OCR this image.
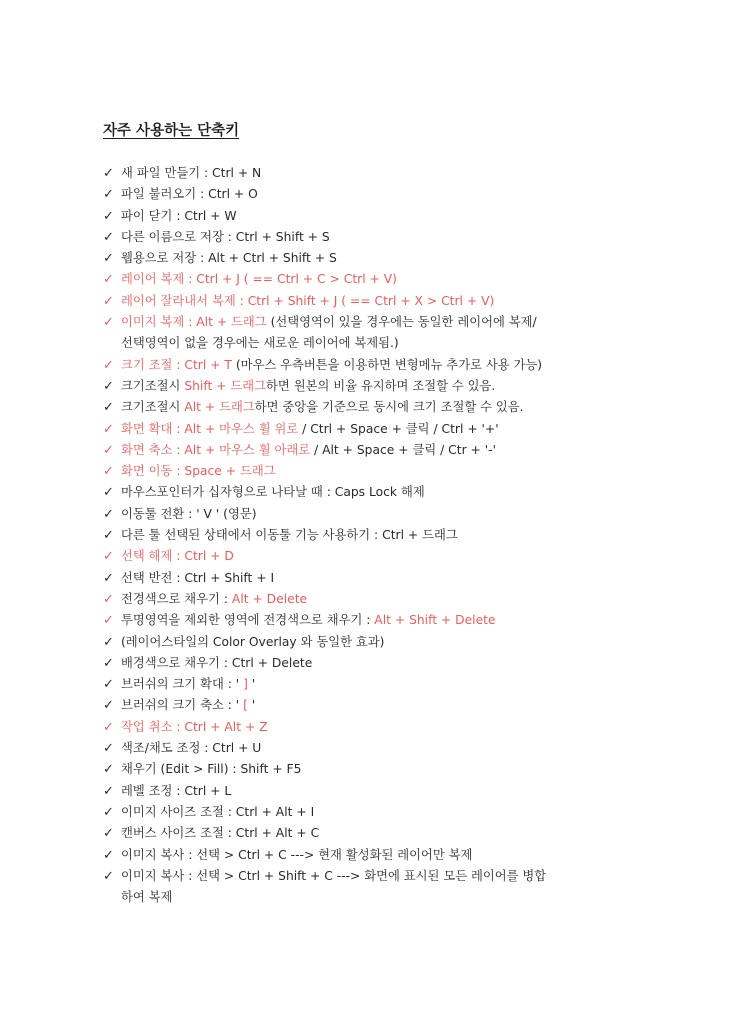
자주 사용하는 단축키
✓ 새 파일 만들기 : Ctrl + N
✓ 파일 불러오기 : Ctrl + O
✓ 파이 닫기 : Ctrl + W
✓ 다른 이름으로 저장 : Ctrl + Shift + S
✓ 웹용으로 저장 : Alt + Ctrl + Shift + S
✓ 레이어 복제 : Ctrl + J ( == Ctrl + C > Ctrl + V)
✓ 레이어 잘라내서 복제 : Ctrl + Shift + J ( == Ctrl + X > Ctrl + V)
✓ 이미지 복제 : Alt + 드래그 (선택영역이 있을 경우에는 동일한 레이어에 복제/
선택영역이 없을 경우에는 새로운 레이어에 복제됨.)
✓ 크기 조절 : Ctrl + T (마우스 우측버튼을 이용하면 변형메뉴 추가로 사용 가능)
✓ 크기조절시 Shift + 드래그하면 원본의 비율 유지하며 조절할 수 있음.
✓ 크기조절시 Alt + 드래그하면 중앙을 기준으로 동시에 크기 조절할 수 있음.
✓ 화면 확대 : Alt + 마우스 휠 위로 / Ctrl + Space + 클릭 / Ctrl + '+'
✓ 화면 축소 : Alt + 마우스 휠 아래로 / Alt + Space + 클릭 / Ctr + '-'
✓ 화면 이동 : Space + 드래그
✓ 마우스포인터가 십자형으로 나타날 때 : Caps Lock 해제
✓ 이동툴 전환 : ' V ' (영문)
✓ 다른 툴 선택된 상태에서 이동툴 기능 사용하기 : Ctrl + 드래그
✓ 선택 해제 : Ctrl + D
✓ 선택 반전 : Ctrl + Shift + I
✓ 전경색으로 채우기 : Alt + Delete
✓ 투명영역을 제외한 영역에 전경색으로 채우기 : Alt + Shift + Delete
✓ (레이어스타일의 Color Overlay 와 동일한 효과)
✓ 배경색으로 채우기 : Ctrl + Delete
✓ 브러쉬의 크기 확대 : ' ] '
✓ 브러쉬의 크기 축소 : ' [ '
✓ 작업 취소 : Ctrl + Alt + Z
✓ 색조/채도 조정 : Ctrl + U
✓ 채우기 (Edit > Fill) : Shift + F5
✓ 레벨 조정 : Ctrl + L
✓ 이미지 사이즈 조절 : Ctrl + Alt + I
✓ 캔버스 사이즈 조절 : Ctrl + Alt + C
✓ 이미지 복사 : 선택 > Ctrl + C ---> 현재 활성화된 레이어만 복제
✓ 이미지 복사 : 선택 > Ctrl + Shift + C ---> 화면에 표시된 모든 레이어를 병합
하여 복제
